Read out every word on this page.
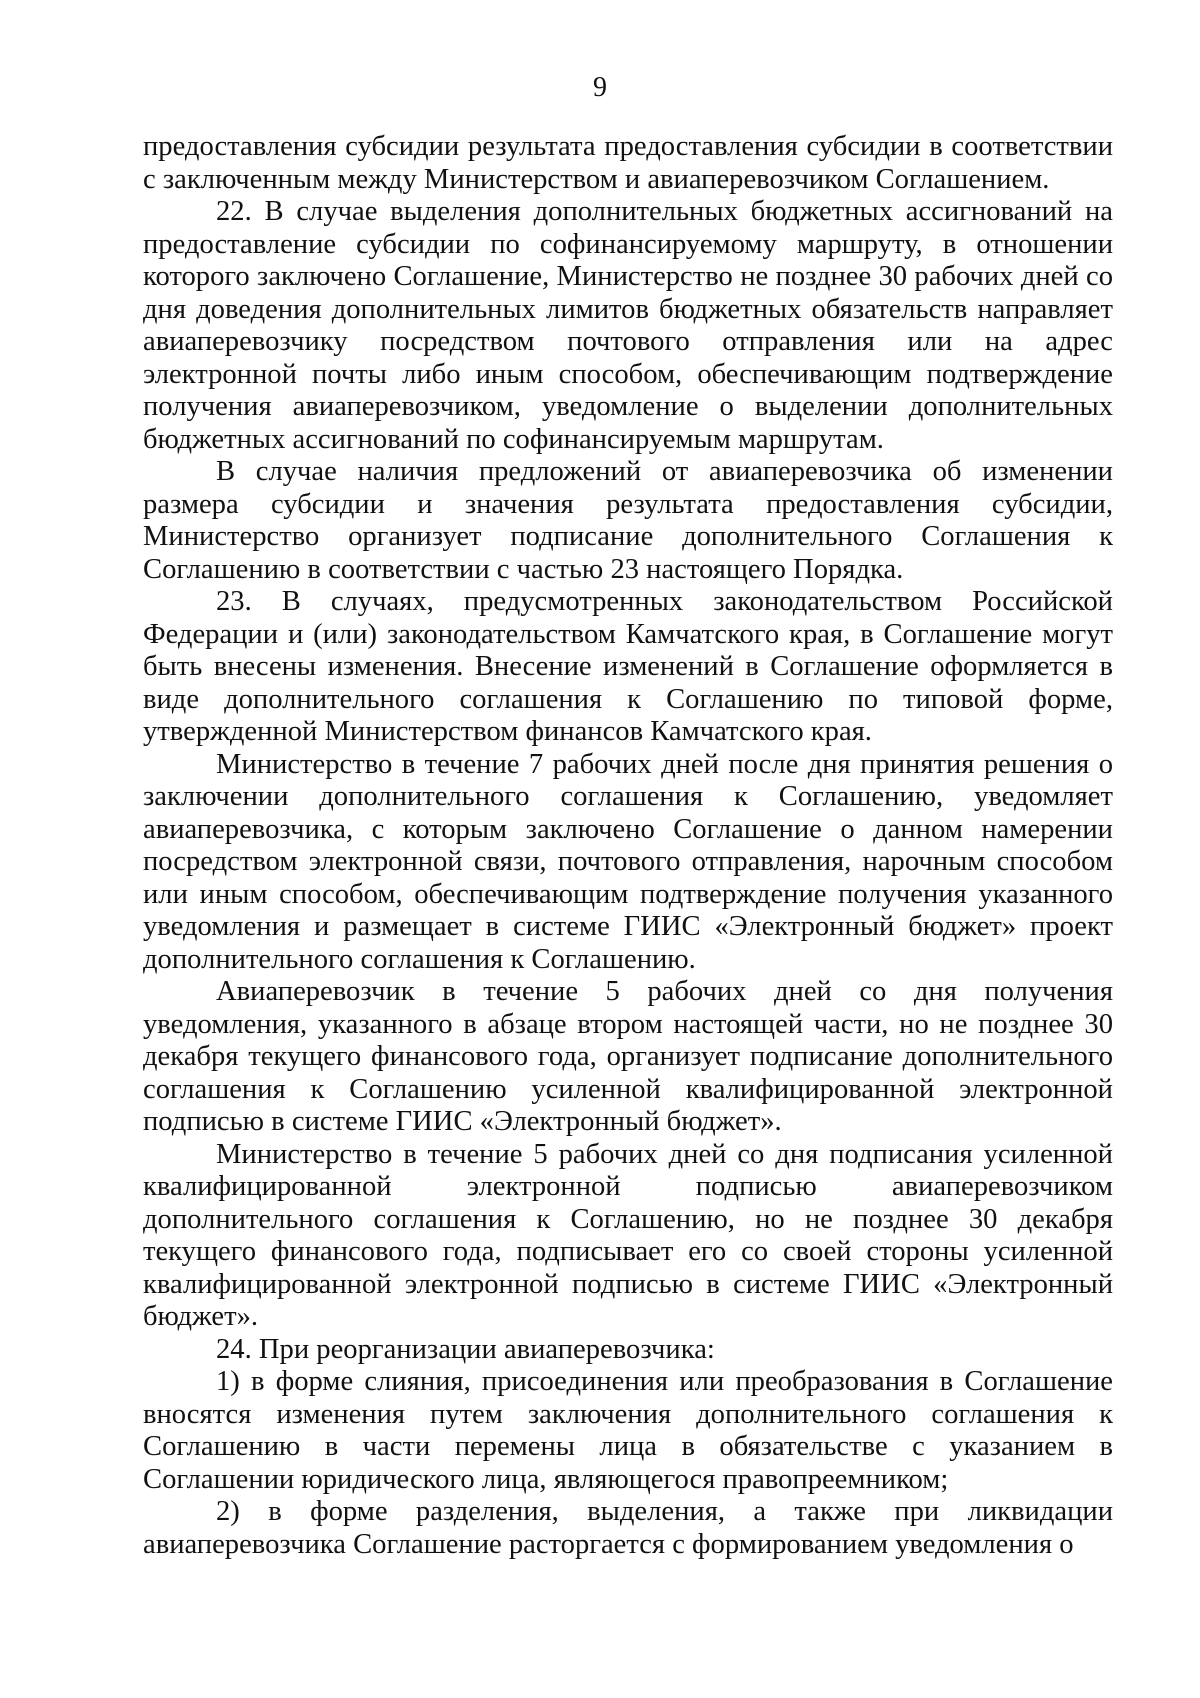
9

предоставления субсидии результата предоставления субсидии в соответствии с заключенным между Министерством и авиаперевозчиком Соглашением.

22. В случае выделения дополнительных бюджетных ассигнований на предоставление субсидии по софинансируемому маршруту, в отношении которого заключено Соглашение, Министерство не позднее 30 рабочих дней со дня доведения дополнительных лимитов бюджетных обязательств направляет авиаперевозчику посредством почтового отправления или на адрес электронной почты либо иным способом, обеспечивающим подтверждение получения авиаперевозчиком, уведомление о выделении дополнительных бюджетных ассигнований по софинансируемым маршрутам.

В случае наличия предложений от авиаперевозчика об изменении размера субсидии и значения результата предоставления субсидии, Министерство организует подписание дополнительного Соглашения к Соглашению в соответствии с частью 23 настоящего Порядка.

23. В случаях, предусмотренных законодательством Российской Федерации и (или) законодательством Камчатского края, в Соглашение могут быть внесены изменения. Внесение изменений в Соглашение оформляется в виде дополнительного соглашения к Соглашению по типовой форме, утвержденной Министерством финансов Камчатского края.

Министерство в течение 7 рабочих дней после дня принятия решения о заключении дополнительного соглашения к Соглашению, уведомляет авиаперевозчика, с которым заключено Соглашение о данном намерении посредством электронной связи, почтового отправления, нарочным способом или иным способом, обеспечивающим подтверждение получения указанного уведомления и размещает в системе ГИИС «Электронный бюджет» проект дополнительного соглашения к Соглашению.

Авиаперевозчик в течение 5 рабочих дней со дня получения уведомления, указанного в абзаце втором настоящей части, но не позднее 30 декабря текущего финансового года, организует подписание дополнительного соглашения к Соглашению усиленной квалифицированной электронной подписью в системе ГИИС «Электронный бюджет».

Министерство в течение 5 рабочих дней со дня подписания усиленной квалифицированной электронной подписью авиаперевозчиком дополнительного соглашения к Соглашению, но не позднее 30 декабря текущего финансового года, подписывает его со своей стороны усиленной квалифицированной электронной подписью в системе ГИИС «Электронный бюджет».

24. При реорганизации авиаперевозчика:

1) в форме слияния, присоединения или преобразования в Соглашение вносятся изменения путем заключения дополнительного соглашения к Соглашению в части перемены лица в обязательстве с указанием в Соглашении юридического лица, являющегося правопреемником;

2) в форме разделения, выделения, а также при ликвидации авиаперевозчика Соглашение расторгается с формированием уведомления о
